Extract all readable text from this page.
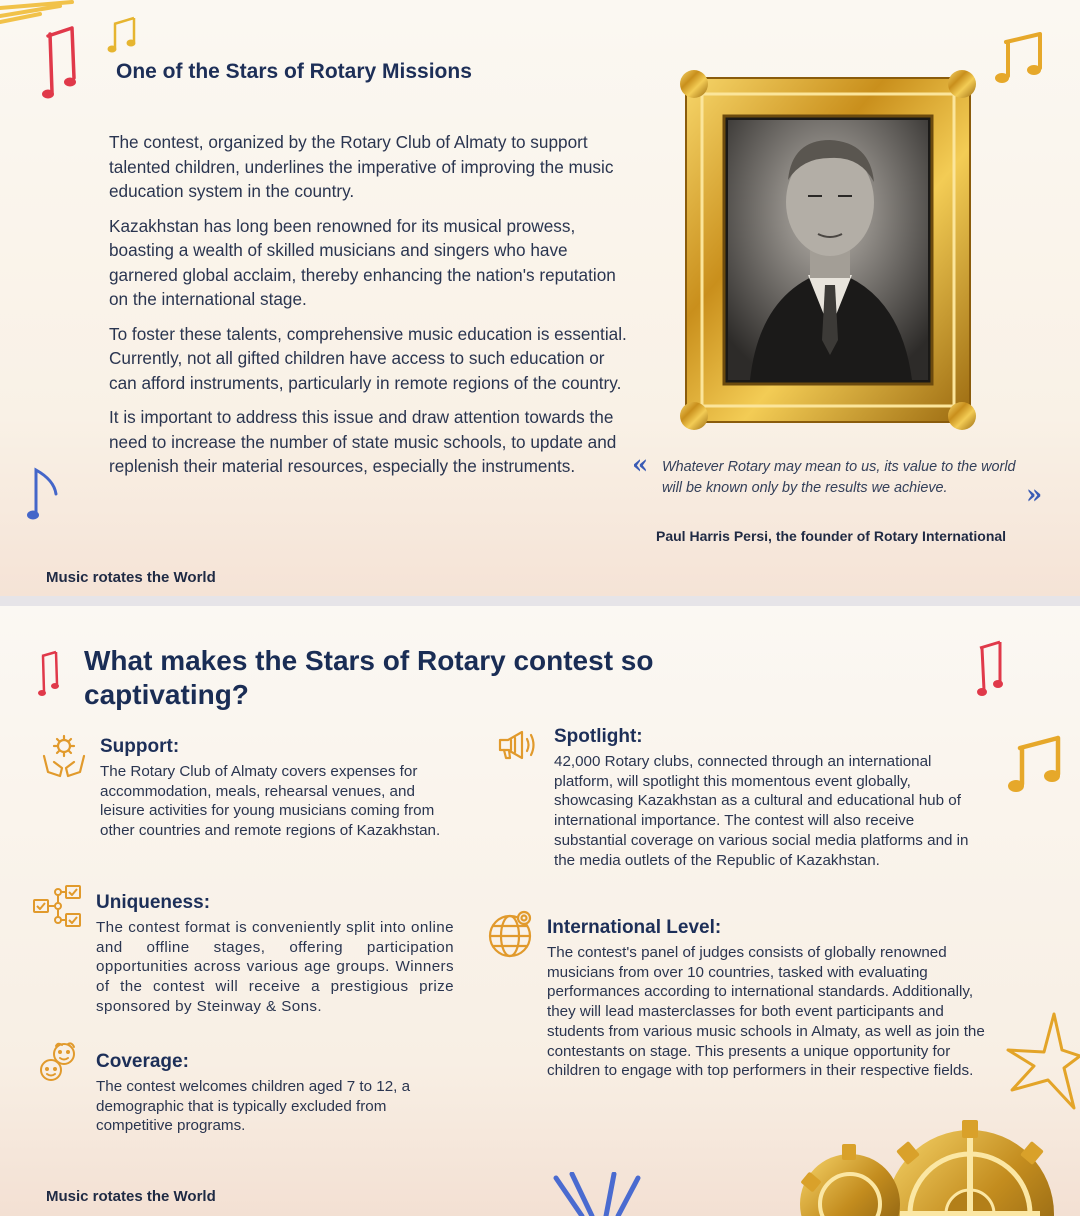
One of the Stars of Rotary Missions

The contest, organized by the Rotary Club of Almaty to support talented children, underlines the imperative of improving the music education system in the country.

Kazakhstan has long been renowned for its musical prowess, boasting a wealth of skilled musicians and singers who have garnered global acclaim, thereby enhancing the nation's reputation on the international stage.

To foster these talents, comprehensive music education is essential. Currently, not all gifted children have access to such education or can afford instruments, particularly in remote regions of the country.

It is important to address this issue and draw attention towards the need to increase the number of state music schools, to update and replenish their material resources, especially the instruments.	« Whatever Rotary may mean to us, its value to the world will be known only by the results we achieve.	»
Paul Harris Persi, the founder of Rotary International
Music rotates the World
What makes the Stars of Rotary contest so captivating?
Support:

The Rotary Club of Almaty covers expenses for accommodation, meals, rehearsal venues, and leisure activities for young musicians coming from other countries and remote regions of Kazakhstan.

Uniqueness:

The contest format is conveniently split into online and offline stages, offering participation opportunities across various age groups. Winners of the contest will receive a prestigious prize sponsored by Steinway & Sons.

Coverage:

The contest welcomes children aged 7 to 12, a demographic that is typically excluded from competitive programs.

Spotlight:

42,000 Rotary clubs, connected through an international platform, will spotlight this momentous event globally, showcasing Kazakhstan as a cultural and educational hub of international importance. The contest will also receive substantial coverage on various social media platforms and in the media outlets of the Republic of Kazakhstan.

International Level:

The contest's panel of judges consists of globally renowned musicians from over 10 countries, tasked with evaluating performances according to international standards. Additionally, they will lead masterclasses for both event participants and students from various music schools in Almaty, as well as join the contestants on stage. This presents a unique opportunity for children to engage with top performers in their respective fields.

Music rotates the World
